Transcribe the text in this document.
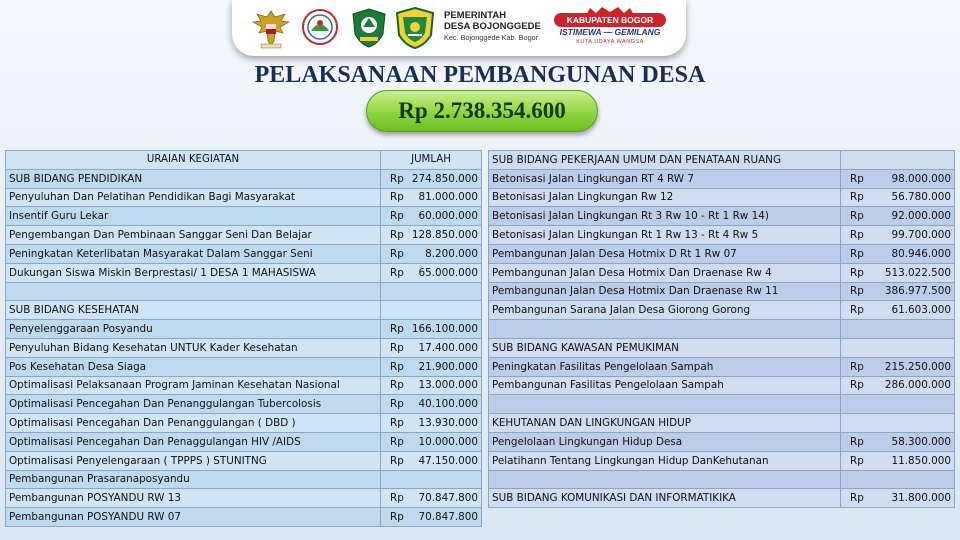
PEMERINTAH
DESA BOJONGGEDE
Kec. Bojonggede Kab. Bogor
KABUPATEN BOGOR
ISTIMEWA — GEMILANG
KUTA UDAYA WANGSA
PELAKSANAAN PEMBANGUNAN DESA
Rp 2.738.354.600
URAIAN KEGIATAN	JUMLAH
SUB BIDANG PENDIDIKAN	Rp 274.850.000

Penyuluhan Dan Pelatihan Pendidikan Bagi Masyarakat	Rp 81.000.000

Insentif Guru Lekar	Rp 60.000.000

Pengembangan Dan Pembinaan Sanggar Seni Dan Belajar	Rp 128.850.000

Peningkatan Keterlibatan Masyarakat Dalam Sanggar Seni	Rp 8.200.000

Dukungan Siswa Miskin Berprestasi/ 1 DESA 1 MAHASISWA	Rp 65.000.000

SUB BIDANG KESEHATAN	

Penyelenggaraan Posyandu	Rp 166.100.000

Penyuluhan Bidang Kesehatan UNTUK Kader Kesehatan	Rp 17.400.000

Pos Kesehatan Desa Siaga	Rp 21.900.000

Optimalisasi Pelaksanaan Program Jaminan Kesehatan Nasional	Rp 13.000.000

Optimalisasi Pencegahan Dan Penanggulangan Tubercolosis	Rp 40.100.000

Optimalisasi Pencegahan Dan Penanggulangan ( DBD )	Rp 13.930.000

Optimalisasi Pencegahan Dan Penaggulangan HIV /AIDS	Rp 10.000.000

Optimalisasi Penyelengaraan ( TPPPS ) STUNITNG	Rp 47.150.000

Pembangunan Prasaranaposyandu	

Pembangunan POSYANDU RW 13	Rp 70.847.800

Pembangunan POSYANDU RW 07	Rp 70.847.800
SUB BIDANG PEKERJAAN UMUM DAN PENATAAN RUANG	

Betonisasi Jalan Lingkungan RT 4 RW 7	Rp 98.000.000

Betonisasi Jalan Lingkungan Rw 12	Rp 56.780.000

Betonisasi Jalan Lingkungan Rt 3 Rw 10 - Rt 1 Rw 14)	Rp 92.000.000

Betonisasi Jalan Lingkungan Rt 1 Rw 13 - Rt 4 Rw 5	Rp 99.700.000

Pembangunan Jalan Desa Hotmix D Rt 1 Rw 07	Rp 80.946.000

Pembangunan Jalan Desa Hotmix Dan Draenase Rw 4	Rp 513.022.500

Pembangunan Jalan Desa Hotmix Dan Draenase Rw 11	Rp 386.977.500

Pembangunan Sarana Jalan Desa Giorong Gorong	Rp 61.603.000

SUB BIDANG KAWASAN PEMUKIMAN	

Peningkatan Fasilitas Pengelolaan Sampah	Rp 215.250.000

Pembangunan Fasilitas Pengelolaan Sampah	Rp 286.000.000

KEHUTANAN DAN LINGKUNGAN HIDUP	

Pengelolaan Lingkungan Hidup Desa	Rp 58.300.000

Pelatihann Tentang Lingkungan Hidup DanKehutanan	Rp 11.850.000

SUB BIDANG KOMUNIKASI DAN INFORMATIKIKA	Rp 31.800.000
